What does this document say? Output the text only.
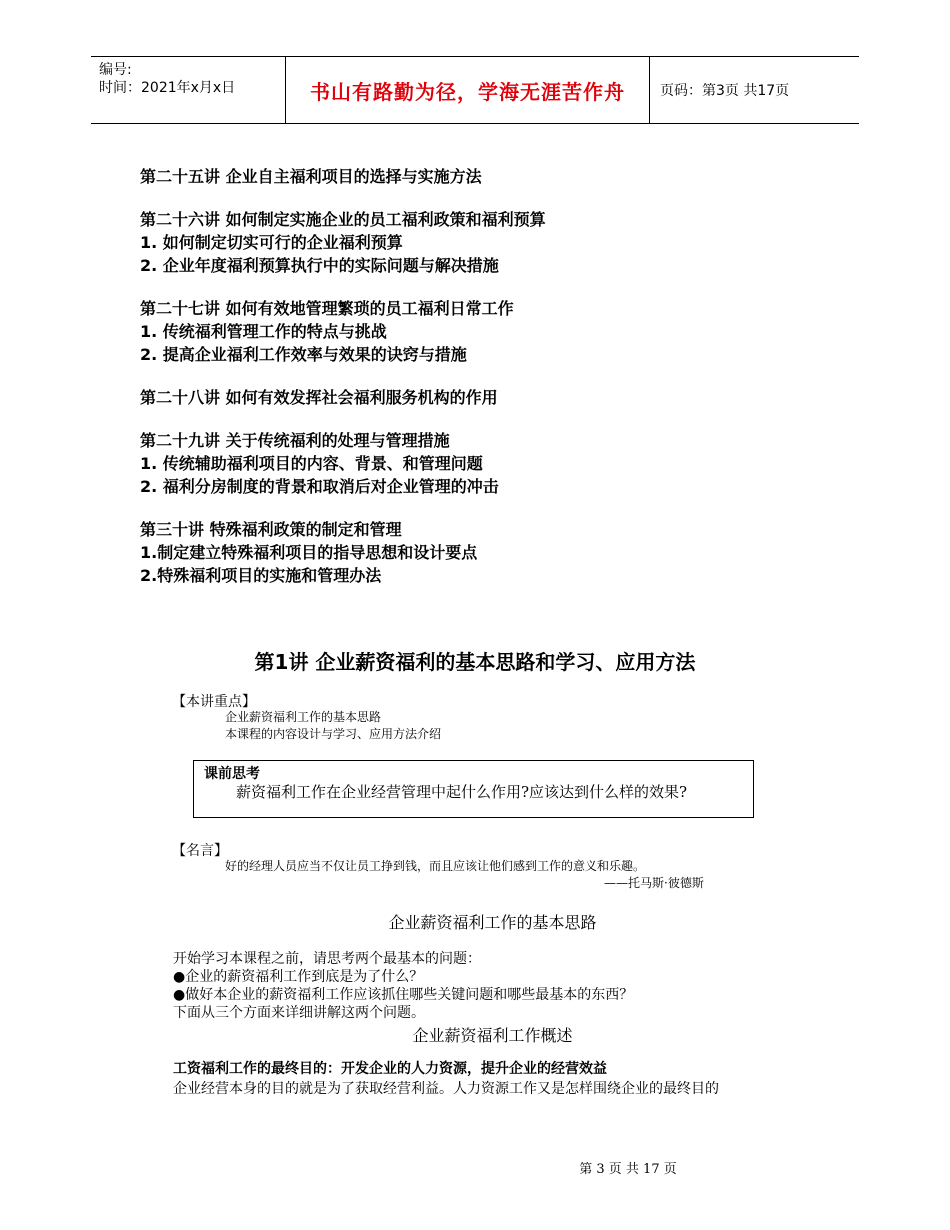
编号:
时间：2021年x月x日	书山有路勤为径，学海无涯苦作舟	页码：第3页 共17页
第二十五讲 企业自主福利项目的选择与实施方法
第二十六讲 如何制定实施企业的员工福利政策和福利预算
1. 如何制定切实可行的企业福利预算
2. 企业年度福利预算执行中的实际问题与解决措施
第二十七讲 如何有效地管理繁琐的员工福利日常工作
1. 传统福利管理工作的特点与挑战
2. 提高企业福利工作效率与效果的诀窍与措施
第二十八讲 如何有效发挥社会福利服务机构的作用
第二十九讲 关于传统福利的处理与管理措施
1. 传统辅助福利项目的内容、背景、和管理问题
2. 福利分房制度的背景和取消后对企业管理的冲击
第三十讲 特殊福利政策的制定和管理
1.制定建立特殊福利项目的指导思想和设计要点
2.特殊福利项目的实施和管理办法
第1讲 企业薪资福利的基本思路和学习、应用方法
【本讲重点】
企业薪资福利工作的基本思路
本课程的内容设计与学习、应用方法介绍
课前思考
薪资福利工作在企业经营管理中起什么作用?应该达到什么样的效果?
【名言】
好的经理人员应当不仅让员工挣到钱，而且应该让他们感到工作的意义和乐趣。
——托马斯·彼德斯
企业薪资福利工作的基本思路
开始学习本课程之前，请思考两个最基本的问题：
●企业的薪资福利工作到底是为了什么？
●做好本企业的薪资福利工作应该抓住哪些关键问题和哪些最基本的东西？
下面从三个方面来详细讲解这两个问题。
企业薪资福利工作概述
工资福利工作的最终目的：开发企业的人力资源，提升企业的经营效益
企业经营本身的目的就是为了获取经营利益。人力资源工作又是怎样围绕企业的最终目的
第 3 页 共 17 页
